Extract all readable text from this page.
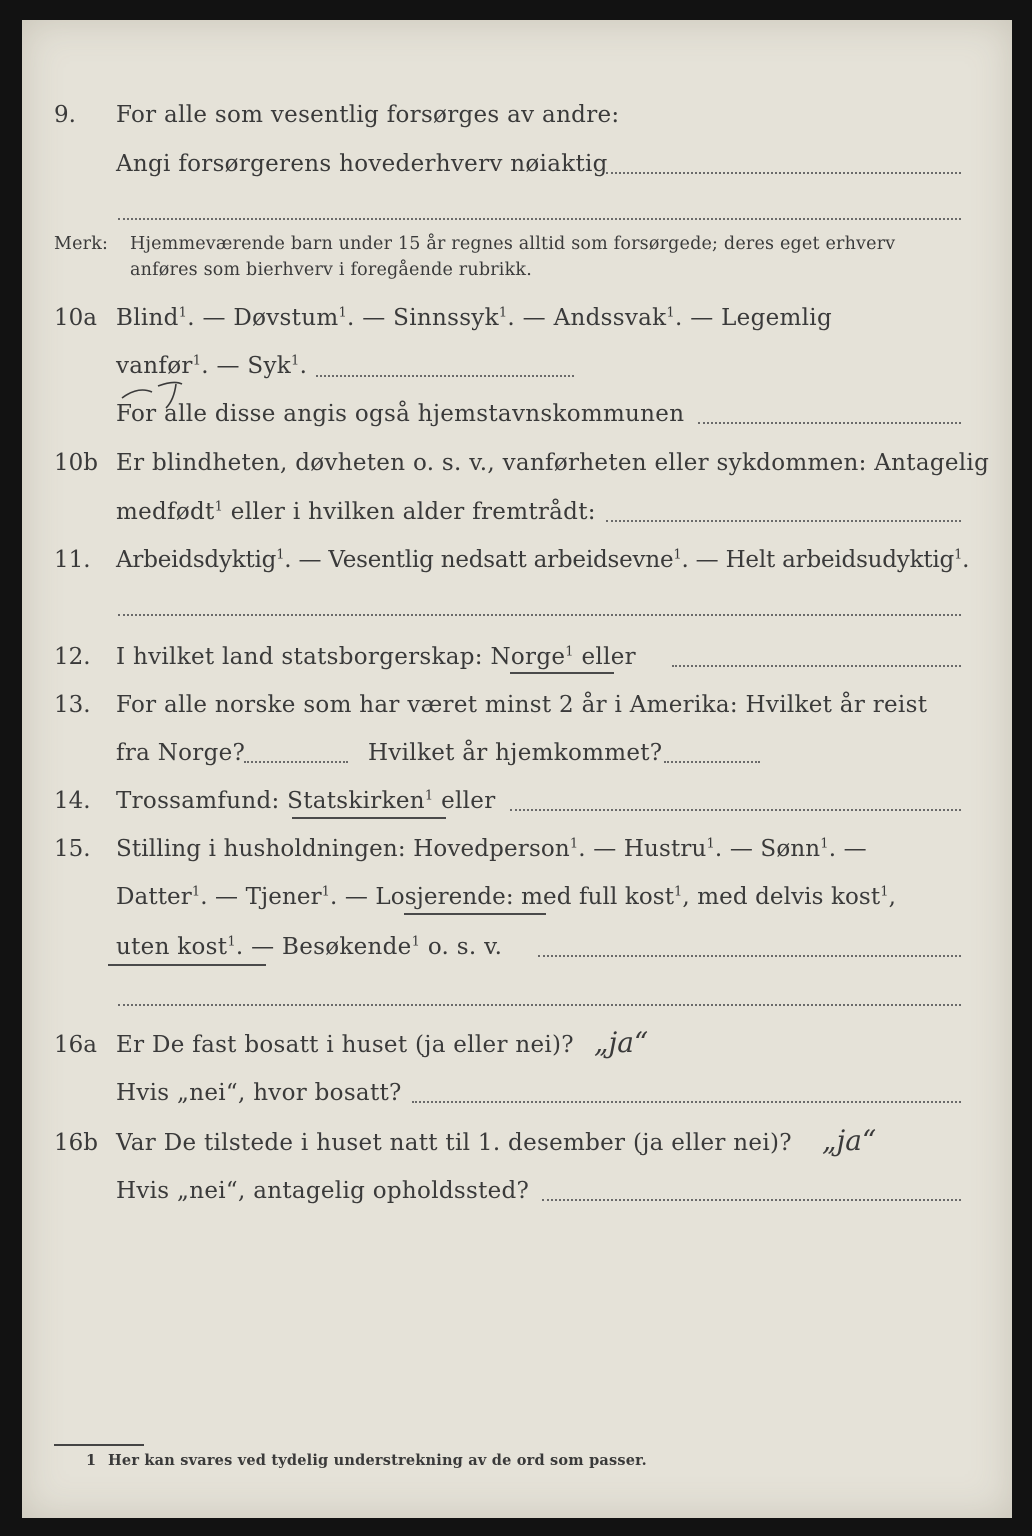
9. For alle som vesentlig forsørges av andre:
Angi forsørgerens hovederhverv nøiaktig
Merk: Hjemmeværende barn under 15 år regnes alltid som forsørgede; deres eget erhverv
anføres som bierhverv i foregående rubrikk.
10a Blind$^1$. — Døvstum$^1$. — Sinnssyk$^1$. — Andssvak$^1$. — Legemlig
vanfør$^1$. — Syk$^1$.
For alle disse angis også hjemstavnskommunen
10b Er blindheten, døvheten o. s. v., vanførheten eller sykdommen: Antagelig
medfødt$^1$ eller i hvilken alder fremtrådt:
11. Arbeidsdyktig$^1$. — Vesentlig nedsatt arbeidsevne$^1$. — Helt arbeidsudyktig$^1$.
12. I hvilket land statsborgerskap: Norge$^1$ eller
13. For alle norske som har været minst 2 år i Amerika: Hvilket år reist
fra Norge?	Hvilket år hjemkommet?
14. Trossamfund: Statskirken$^1$ eller
15. Stilling i husholdningen: Hovedperson$^1$. — Hustru$^1$. — Sønn$^1$. —
Datter$^1$. — Tjener$^1$. — Losjerende: med full kost$^1$, med delvis kost$^1$,
uten kost$^1$. — Besøkende$^1$ o. s. v.
16a Er De fast bosatt i huset (ja eller nei)? „ja“
Hvis „nei“, hvor bosatt?
16b Var De tilstede i huset natt til 1. desember (ja eller nei)? „ja“
Hvis „nei“, antagelig opholdssted?
1 Her kan svares ved tydelig understrekning av de ord som passer.
